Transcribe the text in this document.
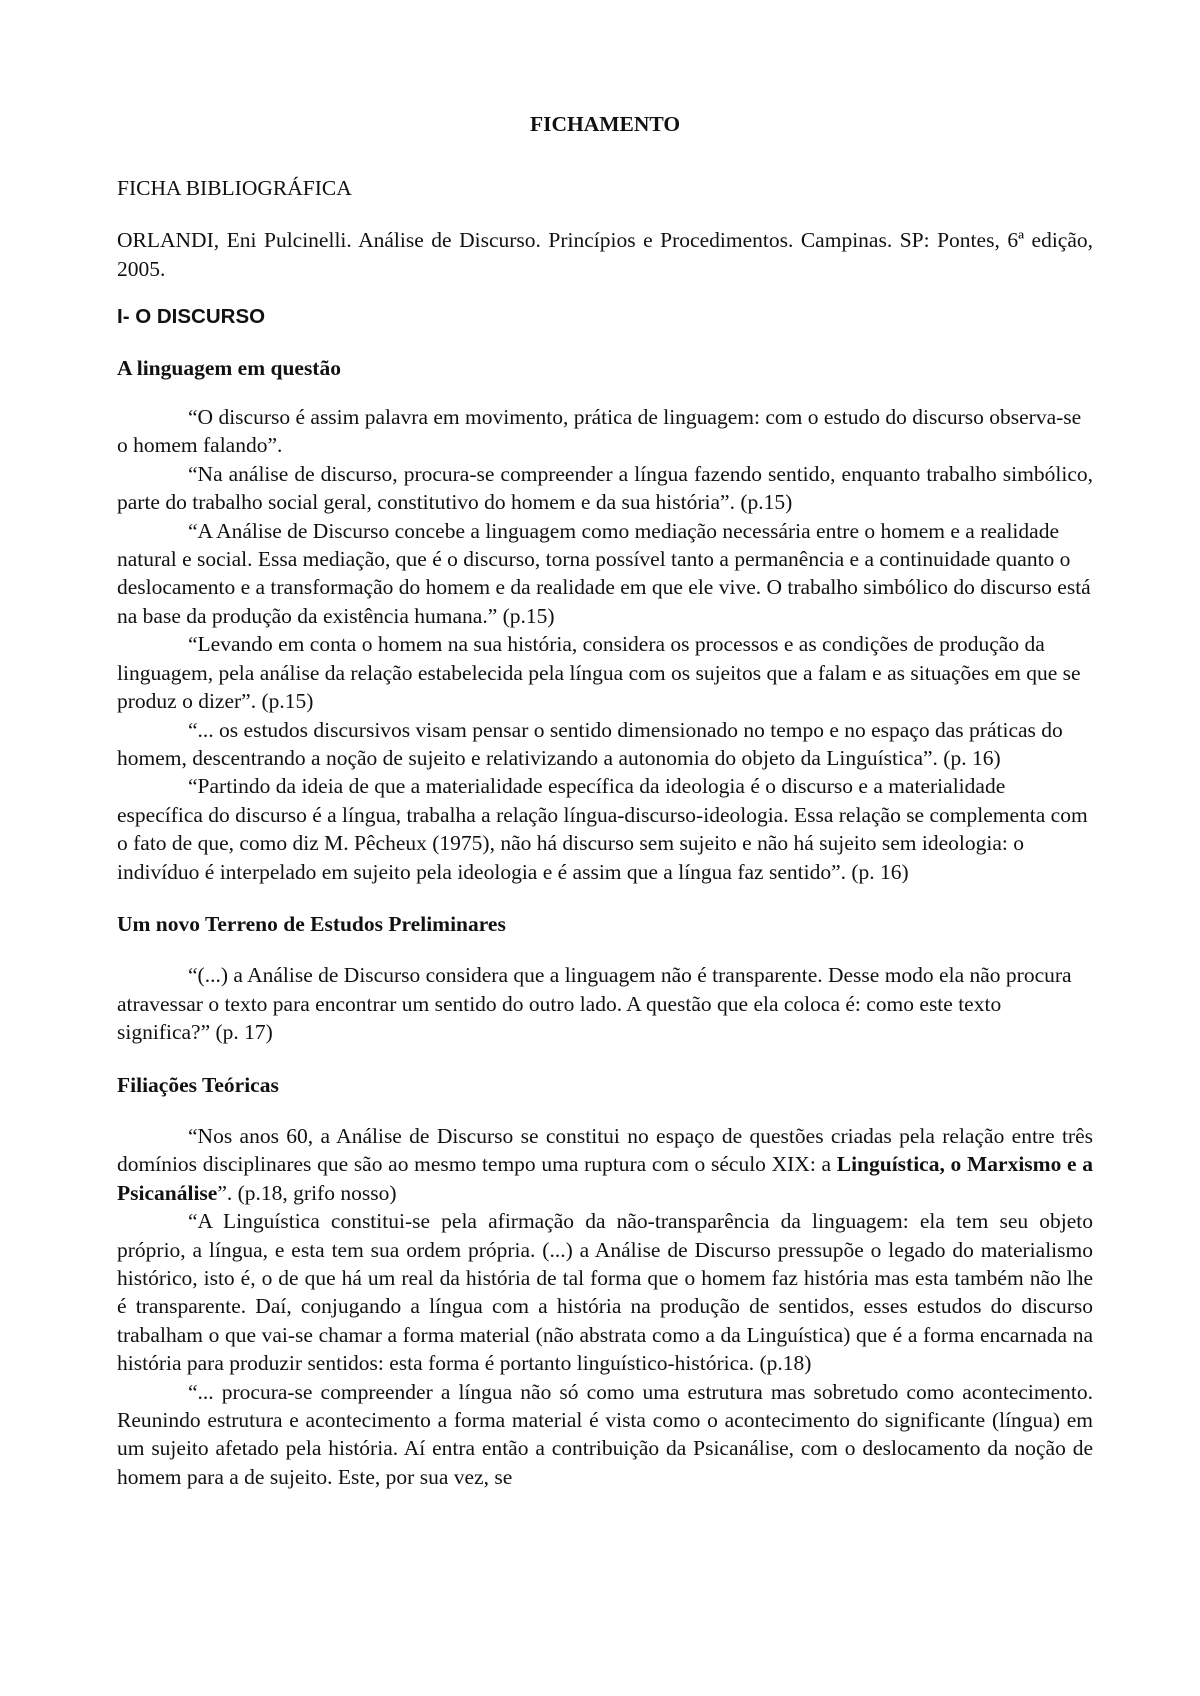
FICHAMENTO

FICHA BIBLIOGRÁFICA

ORLANDI, Eni Pulcinelli. Análise de Discurso. Princípios e Procedimentos. Campinas. SP: Pontes, 6ª edição, 2005.

I- O DISCURSO

A linguagem em questão

“O discurso é assim palavra em movimento, prática de linguagem: com o estudo do discurso observa-se o homem falando”.

“Na análise de discurso, procura-se compreender a língua fazendo sentido, enquanto trabalho simbólico, parte do trabalho social geral, constitutivo do homem e da sua história”. (p.15)

“A Análise de Discurso concebe a linguagem como mediação necessária entre o homem e a realidade natural e social. Essa mediação, que é o discurso, torna possível tanto a permanência e a continuidade quanto o deslocamento e a transformação do homem e da realidade em que ele vive. O trabalho simbólico do discurso está na base da produção da existência humana.” (p.15)

“Levando em conta o homem na sua história, considera os processos e as condições de produção da linguagem, pela análise da relação estabelecida pela língua com os sujeitos que a falam e as situações em que se produz o dizer”. (p.15)

“... os estudos discursivos visam pensar o sentido dimensionado no tempo e no espaço das práticas do homem, descentrando a noção de sujeito e relativizando a autonomia do objeto da Linguística”. (p. 16)

“Partindo da ideia de que a materialidade específica da ideologia é o discurso e a materialidade específica do discurso é a língua, trabalha a relação língua-discurso-ideologia. Essa relação se complementa com o fato de que, como diz M. Pêcheux (1975), não há discurso sem sujeito e não há sujeito sem ideologia: o indivíduo é interpelado em sujeito pela ideologia e é assim que a língua faz sentido”. (p. 16)

Um novo Terreno de Estudos Preliminares

“(...) a Análise de Discurso considera que a linguagem não é transparente. Desse modo ela não procura atravessar o texto para encontrar um sentido do outro lado. A questão que ela coloca é: como este texto significa?” (p. 17)

Filiações Teóricas

“Nos anos 60, a Análise de Discurso se constitui no espaço de questões criadas pela relação entre três domínios disciplinares que são ao mesmo tempo uma ruptura com o século XIX: a Linguística, o Marxismo e a Psicanálise”. (p.18, grifo nosso)

“A Linguística constitui-se pela afirmação da não-transparência da linguagem: ela tem seu objeto próprio, a língua, e esta tem sua ordem própria. (...) a Análise de Discurso pressupõe o legado do materialismo histórico, isto é, o de que há um real da história de tal forma que o homem faz história mas esta também não lhe é transparente. Daí, conjugando a língua com a história na produção de sentidos, esses estudos do discurso trabalham o que vai-se chamar a forma material (não abstrata como a da Linguística) que é a forma encarnada na história para produzir sentidos: esta forma é portanto linguístico-histórica. (p.18)

“... procura-se compreender a língua não só como uma estrutura mas sobretudo como acontecimento. Reunindo estrutura e acontecimento a forma material é vista como o acontecimento do significante (língua) em um sujeito afetado pela história. Aí entra então a contribuição da Psicanálise, com o deslocamento da noção de homem para a de sujeito. Este, por sua vez, se
